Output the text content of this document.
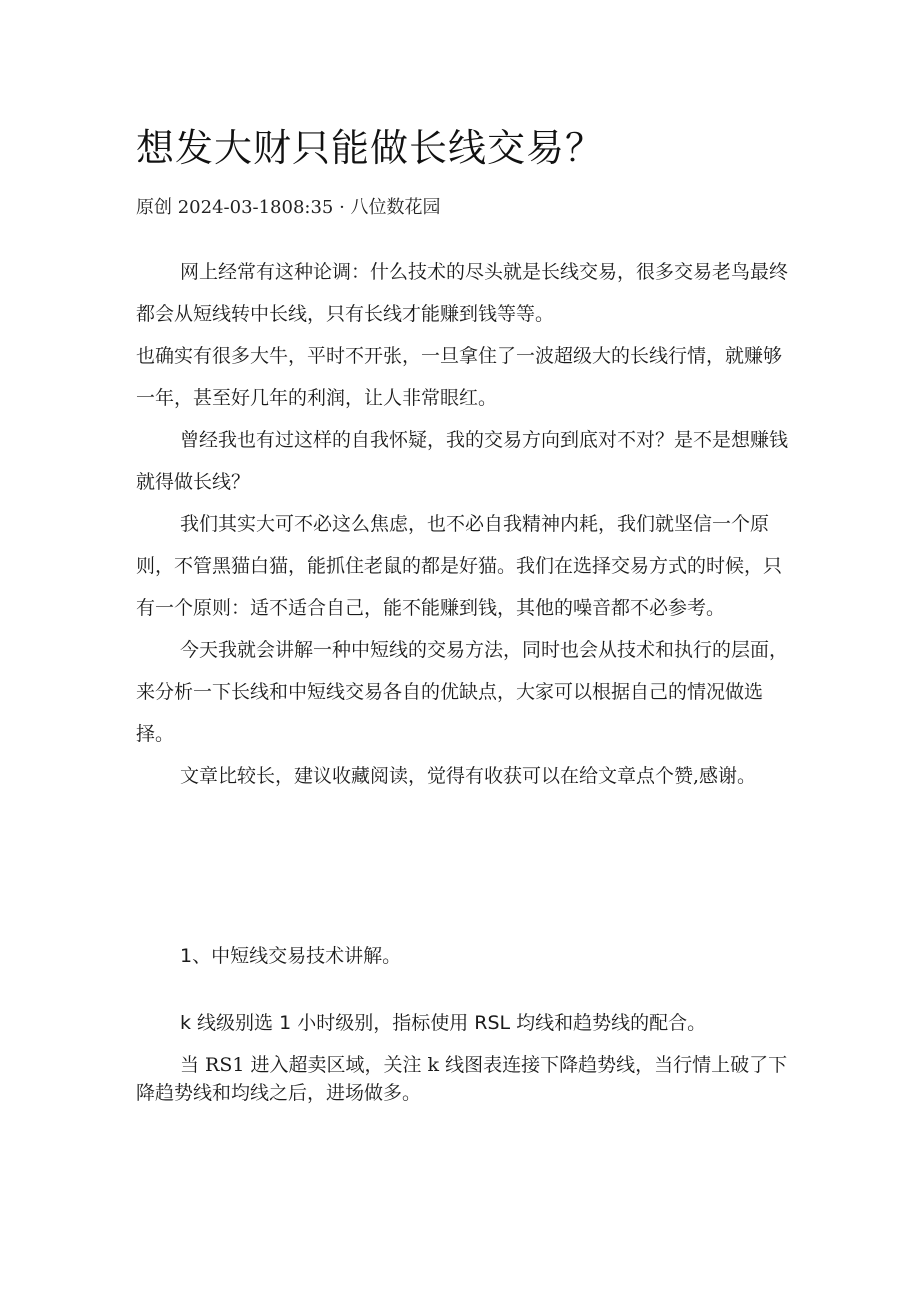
想发大财只能做长线交易？
原创 2024-03-1808:35 · 八位数花园

网上经常有这种论调：什么技术的尽头就是长线交易，很多交易老鸟最终都会从短线转中长线，只有长线才能赚到钱等等。

也确实有很多大牛，平时不开张，一旦拿住了一波超级大的长线行情，就赚够一年，甚至好几年的利润，让人非常眼红。

曾经我也有过这样的自我怀疑，我的交易方向到底对不对？是不是想赚钱就得做长线？

我们其实大可不必这么焦虑，也不必自我精神内耗，我们就坚信一个原则，不管黑猫白猫，能抓住老鼠的都是好猫。我们在选择交易方式的时候，只有一个原则：适不适合自己，能不能赚到钱，其他的噪音都不必参考。

今天我就会讲解一种中短线的交易方法，同时也会从技术和执行的层面，来分析一下长线和中短线交易各自的优缺点，大家可以根据自己的情况做选择。

文章比较长，建议收藏阅读，觉得有收获可以在给文章点个赞,感谢。

1、中短线交易技术讲解。
k 线级别选 1 小时级别，指标使用 RSL 均线和趋势线的配合。

当 RS1 进入超卖区域，关注 k 线图表连接下降趋势线，当行情上破了下降趋势线和均线之后，进场做多。
